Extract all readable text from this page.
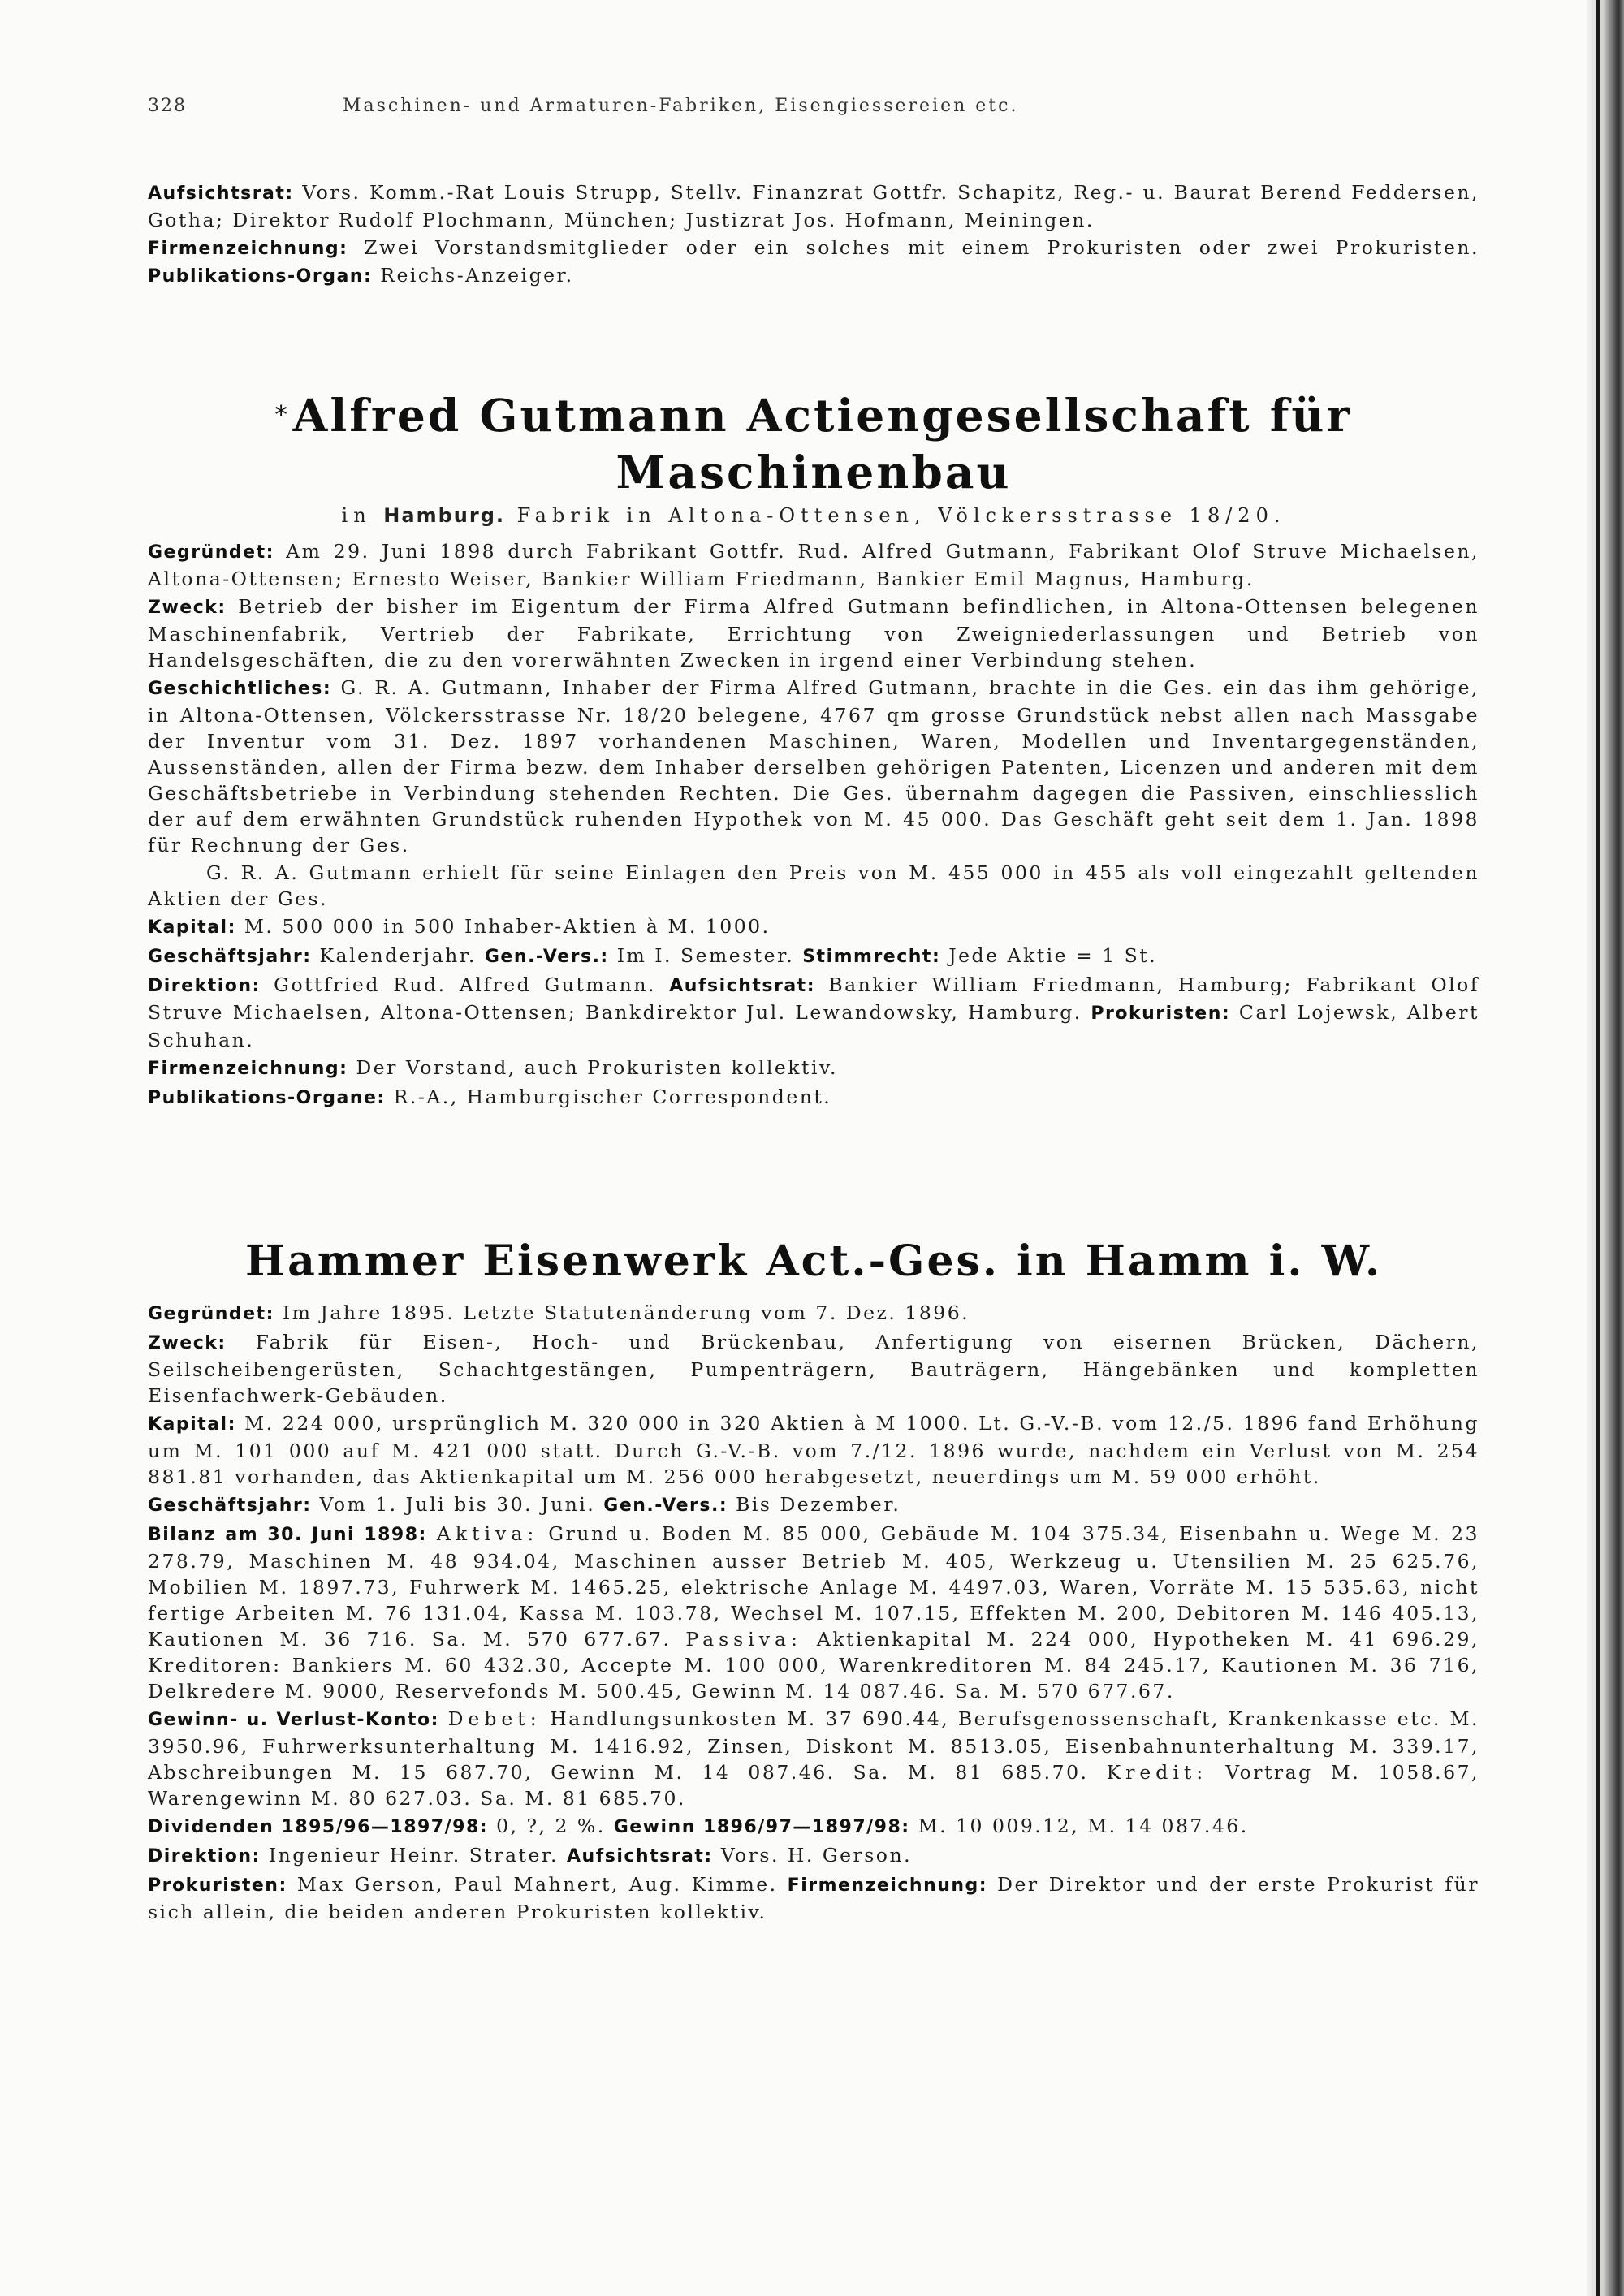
328	Maschinen- und Armaturen-Fabriken, Eisengiessereien etc.

Aufsichtsrat: Vors. Komm.-Rat Louis Strupp, Stellv. Finanzrat Gottfr. Schapitz, Reg.- u. Baurat Berend Feddersen, Gotha; Direktor Rudolf Plochmann, München; Justizrat Jos. Hofmann, Meiningen.

Firmenzeichnung: Zwei Vorstandsmitglieder oder ein solches mit einem Prokuristen oder zwei Prokuristen. Publikations-Organ: Reichs-Anzeiger.

*Alfred Gutmann Actiengesellschaft für Maschinenbau
in Hamburg. Fabrik in Altona-Ottensen, Völckersstrasse 18/20.

Gegründet: Am 29. Juni 1898 durch Fabrikant Gottfr. Rud. Alfred Gutmann, Fabrikant Olof Struve Michaelsen, Altona-Ottensen; Ernesto Weiser, Bankier William Friedmann, Bankier Emil Magnus, Hamburg.

Zweck: Betrieb der bisher im Eigentum der Firma Alfred Gutmann befindlichen, in Altona-Ottensen belegenen Maschinenfabrik, Vertrieb der Fabrikate, Errichtung von Zweigniederlassungen und Betrieb von Handelsgeschäften, die zu den vorerwähnten Zwecken in irgend einer Verbindung stehen.

Geschichtliches: G. R. A. Gutmann, Inhaber der Firma Alfred Gutmann, brachte in die Ges. ein das ihm gehörige, in Altona-Ottensen, Völckersstrasse Nr. 18/20 belegene, 4767 qm grosse Grundstück nebst allen nach Massgabe der Inventur vom 31. Dez. 1897 vorhandenen Maschinen, Waren, Modellen und Inventargegenständen, Aussenständen, allen der Firma bezw. dem Inhaber derselben gehörigen Patenten, Licenzen und anderen mit dem Geschäftsbetriebe in Verbindung stehenden Rechten. Die Ges. übernahm dagegen die Passiven, einschliesslich der auf dem erwähnten Grundstück ruhenden Hypothek von M. 45 000. Das Geschäft geht seit dem 1. Jan. 1898 für Rechnung der Ges.

G. R. A. Gutmann erhielt für seine Einlagen den Preis von M. 455 000 in 455 als voll eingezahlt geltenden Aktien der Ges.

Kapital: M. 500 000 in 500 Inhaber-Aktien à M. 1000.

Geschäftsjahr: Kalenderjahr. Gen.-Vers.: Im I. Semester. Stimmrecht: Jede Aktie = 1 St.

Direktion: Gottfried Rud. Alfred Gutmann. Aufsichtsrat: Bankier William Friedmann, Hamburg; Fabrikant Olof Struve Michaelsen, Altona-Ottensen; Bankdirektor Jul. Lewandowsky, Hamburg. Prokuristen: Carl Lojewsk, Albert Schuhan.

Firmenzeichnung: Der Vorstand, auch Prokuristen kollektiv.

Publikations-Organe: R.-A., Hamburgischer Correspondent.

Hammer Eisenwerk Act.-Ges. in Hamm i. W.

Gegründet: Im Jahre 1895. Letzte Statutenänderung vom 7. Dez. 1896.

Zweck: Fabrik für Eisen-, Hoch- und Brückenbau, Anfertigung von eisernen Brücken, Dächern, Seilscheibengerüsten, Schachtgestängen, Pumpenträgern, Bauträgern, Hängebänken und kompletten Eisenfachwerk-Gebäuden.

Kapital: M. 224 000, ursprünglich M. 320 000 in 320 Aktien à M 1000. Lt. G.-V.-B. vom 12./5. 1896 fand Erhöhung um M. 101 000 auf M. 421 000 statt. Durch G.-V.-B. vom 7./12. 1896 wurde, nachdem ein Verlust von M. 254 881.81 vorhanden, das Aktienkapital um M. 256 000 herabgesetzt, neuerdings um M. 59 000 erhöht.

Geschäftsjahr: Vom 1. Juli bis 30. Juni. Gen.-Vers.: Bis Dezember.

Bilanz am 30. Juni 1898: Aktiva: Grund u. Boden M. 85 000, Gebäude M. 104 375.34, Eisenbahn u. Wege M. 23 278.79, Maschinen M. 48 934.04, Maschinen ausser Betrieb M. 405, Werkzeug u. Utensilien M. 25 625.76, Mobilien M. 1897.73, Fuhrwerk M. 1465.25, elektrische Anlage M. 4497.03, Waren, Vorräte M. 15 535.63, nicht fertige Arbeiten M. 76 131.04, Kassa M. 103.78, Wechsel M. 107.15, Effekten M. 200, Debitoren M. 146 405.13, Kautionen M. 36 716. Sa. M. 570 677.67. Passiva: Aktienkapital M. 224 000, Hypotheken M. 41 696.29, Kreditoren: Bankiers M. 60 432.30, Accepte M. 100 000, Warenkreditoren M. 84 245.17, Kautionen M. 36 716, Delkredere M. 9000, Reservefonds M. 500.45, Gewinn M. 14 087.46. Sa. M. 570 677.67.

Gewinn- u. Verlust-Konto: Debet: Handlungsunkosten M. 37 690.44, Berufsgenossenschaft, Krankenkasse etc. M. 3950.96, Fuhrwerksunterhaltung M. 1416.92, Zinsen, Diskont M. 8513.05, Eisenbahnunterhaltung M. 339.17, Abschreibungen M. 15 687.70, Gewinn M. 14 087.46. Sa. M. 81 685.70. Kredit: Vortrag M. 1058.67, Warengewinn M. 80 627.03. Sa. M. 81 685.70.

Dividenden 1895/96—1897/98: 0, ?, 2 %. Gewinn 1896/97—1897/98: M. 10 009.12, M. 14 087.46.

Direktion: Ingenieur Heinr. Strater. Aufsichtsrat: Vors. H. Gerson.

Prokuristen: Max Gerson, Paul Mahnert, Aug. Kimme. Firmenzeichnung: Der Direktor und der erste Prokurist für sich allein, die beiden anderen Prokuristen kollektiv.
